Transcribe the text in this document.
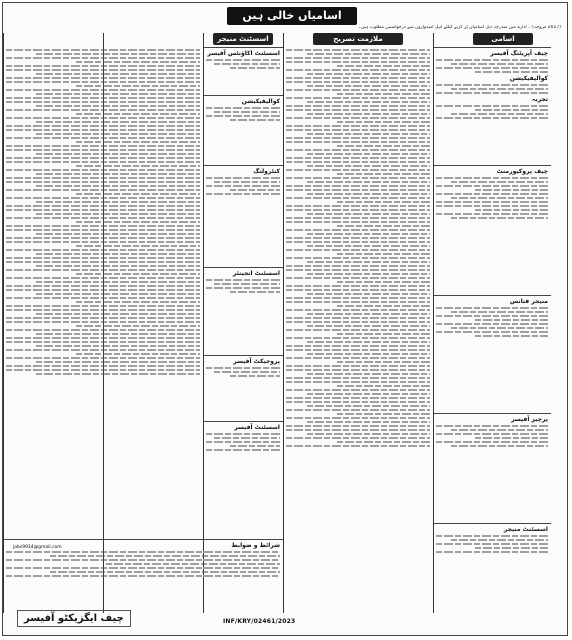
اسامیاں خالی ہیں
(2017 مروجہ) ۔ ادارہ میں مندرجہ ذیل اسامیاں پُر کرنے کیلئے اہل امیدواروں سے درخواستیں مطلوب ہیں۔
اسامی
ملازمت تصریح
اسسٹنٹ منیجر
چیف آپریٹنگ آفیسر
کوالیفیکیشن
تجربہ
چیف پروکیورمنٹ
منیجر فنانس
پرچیز آفیسر
اسسٹنٹ منیجر
اسسٹنٹ اکاؤنٹس آفیسر
کوالیفیکیشن
کنٹرولنگ
اسسٹنٹ انجینئر
پروجیکٹ آفیسر
اسسٹنٹ آفیسر
شرائط و ضوابط
jobs9934@gmail.com
INF/KRY/02461/2023
چیف ایگزیکٹو آفیسر
